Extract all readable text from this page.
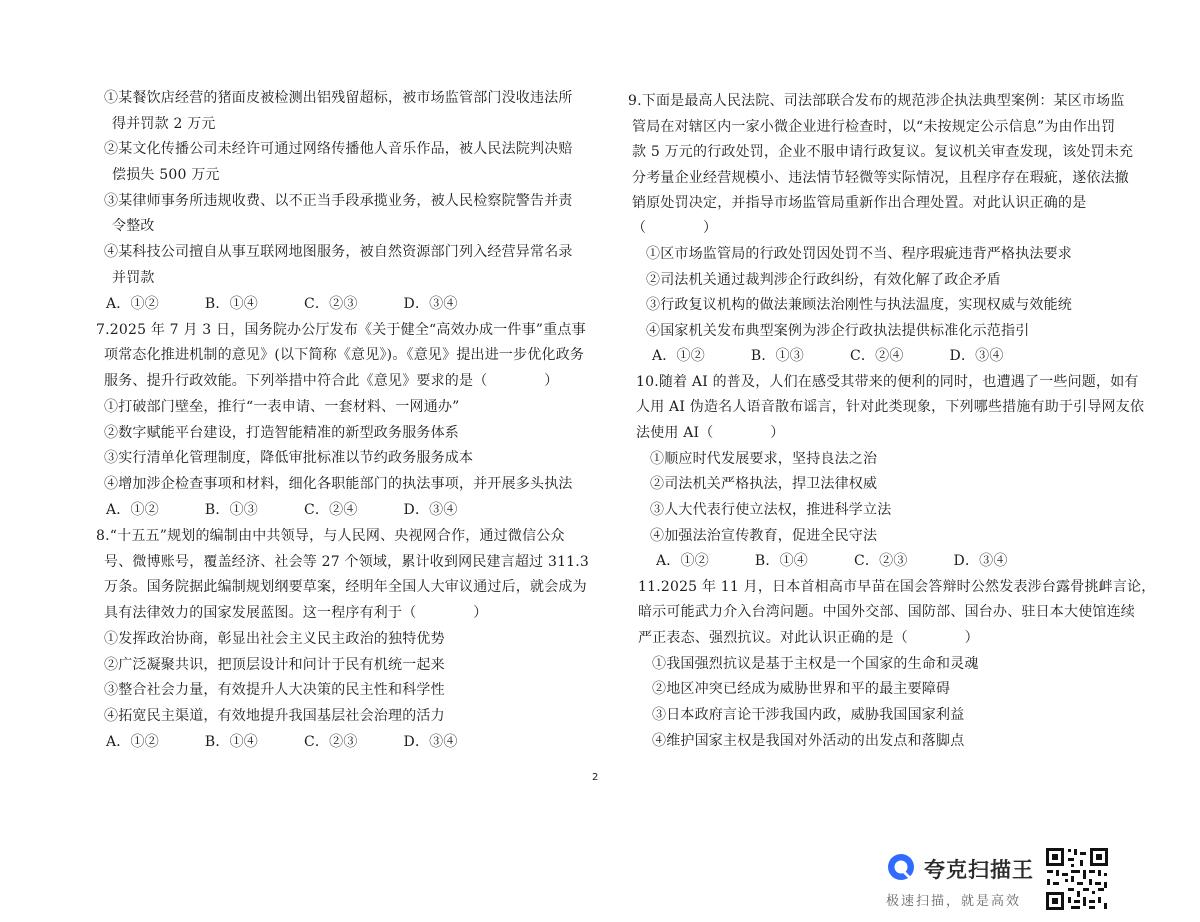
①某餐饮店经营的猪面皮被检测出铝残留超标，被市场监管部门没收违法所
得并罚款 2 万元
②某文化传播公司未经许可通过网络传播他人音乐作品，被人民法院判决赔
偿损失 500 万元
③某律师事务所违规收费、以不正当手段承揽业务，被人民检察院警告并责
令整改
④某科技公司擅自从事互联网地图服务，被自然资源部门列入经营异常名录
并罚款
A．①②	B．①④	C．②③	D．③④
7.2025 年 7 月 3 日，国务院办公厅发布《关于健全“高效办成一件事”重点事
项常态化推进机制的意见》(以下简称《意见》)。《意见》提出进一步优化政务
服务、提升行政效能。下列举措中符合此《意见》要求的是（　　　　）
①打破部门壁垒，推行“一表申请、一套材料、一网通办”
②数字赋能平台建设，打造智能精准的新型政务服务体系
③实行清单化管理制度，降低审批标准以节约政务服务成本
④增加涉企检查事项和材料，细化各职能部门的执法事项，并开展多头执法
A．①②	B．①③	C．②④	D．③④
8.“十五五”规划的编制由中共领导，与人民网、央视网合作，通过微信公众
号、微博账号，覆盖经济、社会等 27 个领域，累计收到网民建言超过 311.3
万条。国务院据此编制规划纲要草案，经明年全国人大审议通过后，就会成为
具有法律效力的国家发展蓝图。这一程序有利于（　　　　）
①发挥政治协商，彰显出社会主义民主政治的独特优势
②广泛凝聚共识，把顶层设计和问计于民有机统一起来
③整合社会力量，有效提升人大决策的民主性和科学性
④拓宽民主渠道，有效地提升我国基层社会治理的活力
A．①②	B．①④	C．②③	D．③④
9.下面是最高人民法院、司法部联合发布的规范涉企执法典型案例：某区市场监
管局在对辖区内一家小微企业进行检查时，以“未按规定公示信息”为由作出罚
款 5 万元的行政处罚，企业不服申请行政复议。复议机关审查发现，该处罚未充
分考量企业经营规模小、违法情节轻微等实际情况，且程序存在瑕疵，遂依法撤
销原处罚决定，并指导市场监管局重新作出合理处置。对此认识正确的是
（　　　　）
①区市场监管局的行政处罚因处罚不当、程序瑕疵违背严格执法要求
②司法机关通过裁判涉企行政纠纷，有效化解了政企矛盾
③行政复议机构的做法兼顾法治刚性与执法温度，实现权威与效能统
④国家机关发布典型案例为涉企行政执法提供标准化示范指引
A．①②	B．①③	C．②④	D．③④
10.随着 AI 的普及，人们在感受其带来的便利的同时，也遭遇了一些问题，如有
人用 AI 伪造名人语音散布谣言，针对此类现象，下列哪些措施有助于引导网友依
法使用 AI（　　　　）
①顺应时代发展要求，坚持良法之治
②司法机关严格执法，捍卫法律权威
③人大代表行使立法权，推进科学立法
④加强法治宣传教育，促进全民守法
A．①②	B．①④	C．②③	D．③④
11.2025 年 11 月，日本首相高市早苗在国会答辩时公然发表涉台露骨挑衅言论，
暗示可能武力介入台湾问题。中国外交部、国防部、国台办、驻日本大使馆连续
严正表态、强烈抗议。对此认识正确的是（　　　　）
①我国强烈抗议是基于主权是一个国家的生命和灵魂
②地区冲突已经成为威胁世界和平的最主要障碍
③日本政府言论干涉我国内政，威胁我国国家利益
④维护国家主权是我国对外活动的出发点和落脚点
2
夸克扫描王
极速扫描，就是高效
